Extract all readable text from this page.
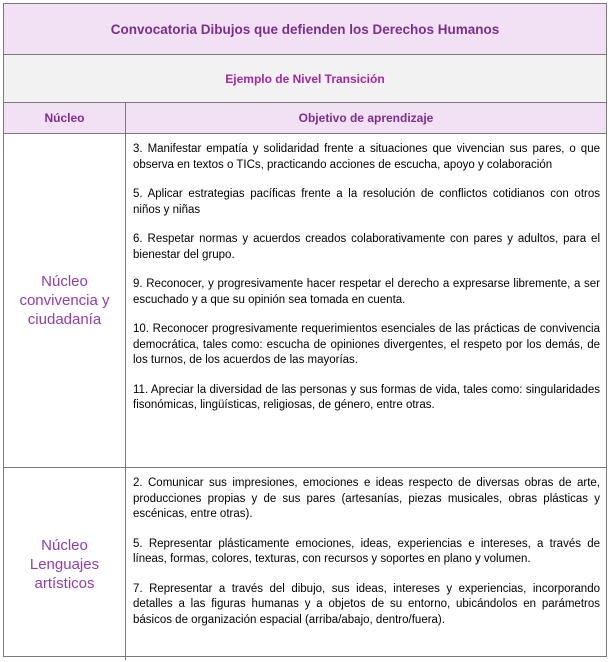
Convocatoria Dibujos que defienden los Derechos Humanos
Ejemplo de Nivel Transición
Núcleo	Objetivo de aprendizaje
Núcleo convivencia y ciudadanía

3. Manifestar empatía y solidaridad frente a situaciones que vivencian sus pares, o que observa en textos o TICs, practicando acciones de escucha, apoyo y colaboración

5. Aplicar estrategias pacíficas frente a la resolución de conflictos cotidianos con otros niños y niñas

6. Respetar normas y acuerdos creados colaborativamente con pares y adultos, para el bienestar del grupo.

9. Reconocer, y progresivamente hacer respetar el derecho a expresarse libremente, a ser escuchado y a que su opinión sea tomada en cuenta.

10. Reconocer progresivamente requerimientos esenciales de las prácticas de convivencia democrática, tales como: escucha de opiniones divergentes, el respeto por los demás, de los turnos, de los acuerdos de las mayorías.

11. Apreciar la diversidad de las personas y sus formas de vida, tales como: singularidades fisonómicas, lingüísticas, religiosas, de género, entre otras.

Núcleo Lenguajes artísticos

2. Comunicar sus impresiones, emociones e ideas respecto de diversas obras de arte, producciones propias y de sus pares (artesanías, piezas musicales, obras plásticas y escénicas, entre otras).

5. Representar plásticamente emociones, ideas, experiencias e intereses, a través de líneas, formas, colores, texturas, con recursos y soportes en plano y volumen.

7. Representar a través del dibujo, sus ideas, intereses y experiencias, incorporando detalles a las figuras humanas y a objetos de su entorno, ubicándolos en parámetros básicos de organización espacial (arriba/abajo, dentro/fuera).
